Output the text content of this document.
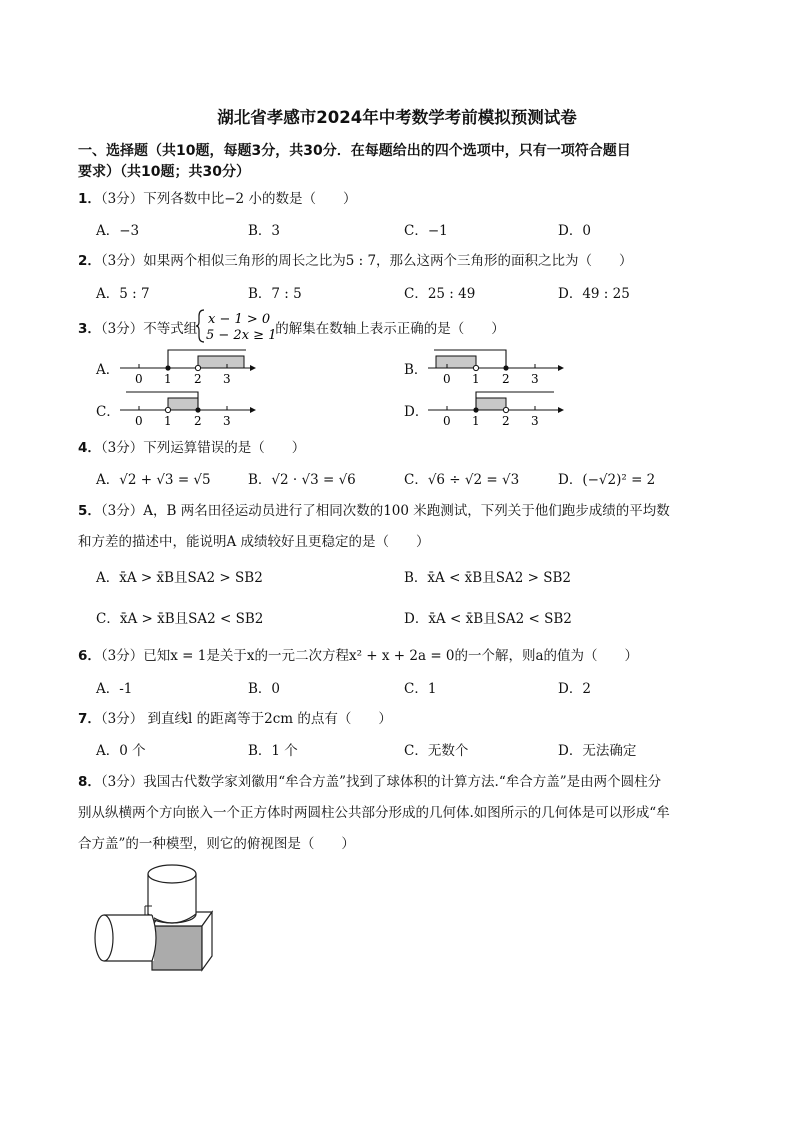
湖北省孝感市2024年中考数学考前模拟预测试卷
一、选择题（共10题，每题3分，共30分．在每题给出的四个选项中，只有一项符合题目
要求）（共10题；共30分）
1．（3分）下列各数中比−2 小的数是（　　）
A．−3	B．3	C．−1	D．0
2．（3分）如果两个相似三角形的周长之比为5 : 7，那么这两个三角形的面积之比为（　　）
A．5 : 7	B．7 : 5	C．25 : 49	D．49 : 25
3．（3分）不等式组	的解集在数轴上表示正确的是（　　）
x − 1 > 0
5 − 2x ≥ 1
A．
0 1 2 3
B．
0 1 2 3
C．
0 1 2 3
D．
0 1 2 3
4．（3分）下列运算错误的是（　　）
A．√2 + √3 = √5	B．√2 · √3 = √6	C．√6 ÷ √2 = √3	D．(−√2)² = 2
5．（3分）A，B 两名田径运动员进行了相同次数的100 米跑测试，下列关于他们跑步成绩的平均数
和方差的描述中，能说明A 成绩较好且更稳定的是（　　）
A．x̄A > x̄B且SA2 > SB2	B．x̄A < x̄B且SA2 > SB2
C．x̄A > x̄B且SA2 < SB2	D．x̄A < x̄B且SA2 < SB2
6．（3分）已知x = 1是关于x的一元二次方程x² + x + 2a = 0的一个解，则a的值为（　　）
A．-1	B．0	C．1	D．2
7．（3分） 到直线l 的距离等于2cm 的点有（　　）
A．0 个	B．1 个	C．无数个	D．无法确定
8．（3分）我国古代数学家刘徽用“牟合方盖”找到了球体积的计算方法.“牟合方盖”是由两个圆柱分
别从纵横两个方向嵌入一个正方体时两圆柱公共部分形成的几何体.如图所示的几何体是可以形成“牟
合方盖”的一种模型，则它的俯视图是（　　）
